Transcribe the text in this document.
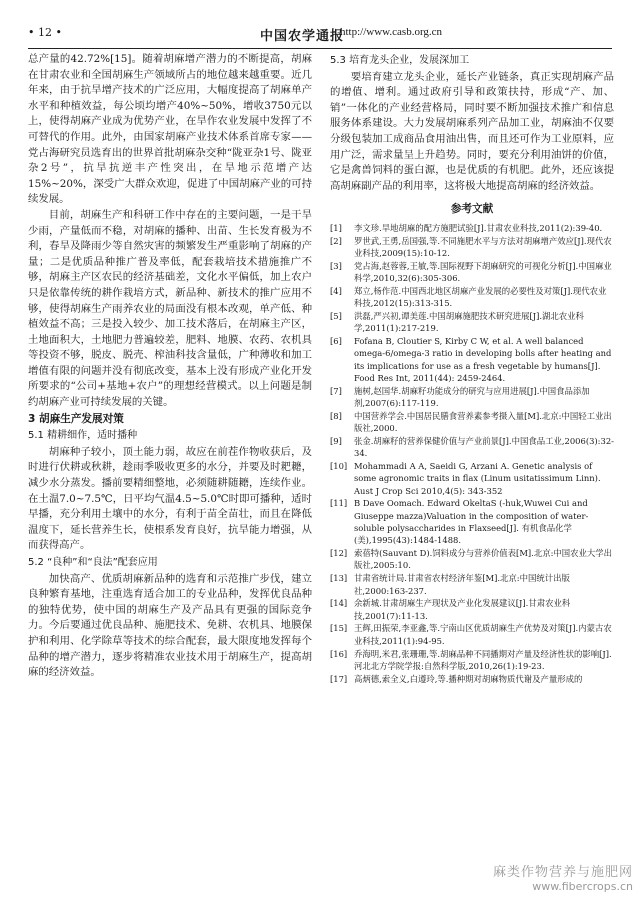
• 12 •	中国农学通报
http://www.casb.org.cn

总产量的42.72%[15]。随着胡麻增产潜力的不断提高，胡麻在甘肃农业和全国胡麻生产领域所占的地位越来越重要。近几年来，由于抗旱增产技术的广泛应用，大幅度提高了胡麻单产水平和种植效益，每公顷均增产40%~50%，增收3750元以上，使得胡麻产业成为优势产业，在旱作农业发展中发挥了不可替代的作用。此外，由国家胡麻产业技术体系首席专家——党占海研究员选育出的世界首批胡麻杂交种“陇亚杂1号、陇亚杂2号”，抗旱抗逆丰产性突出，在旱地示范增产达15%~20%，深受广大群众欢迎，促进了中国胡麻产业的可持续发展。

目前，胡麻生产和科研工作中存在的主要问题，一是干旱少雨，产量低而不稳，对胡麻的播种、出苗、生长发育极为不利，春旱及降雨少等自然灾害的频繁发生严重影响了胡麻的产量；二是优质品种推广普及率低，配套栽培技术措施推广不够，胡麻主产区农民的经济基础差，文化水平偏低，加上农户只是依靠传统的耕作栽培方式，新品种、新技术的推广应用不够，使得胡麻生产雨养农业的局面没有根本改观，单产低、种植效益不高；三是投入较少、加工技术落后，在胡麻主产区，土地面积大，土地肥力普遍较差，肥料、地膜、农药、农机具等投资不够，脱皮、脱壳、榨油科技含量低，广种薄收和加工增值有限的问题并没有彻底改变，基本上没有形成产业化开发所要求的“公司+基地+农户”的理想经营模式。以上问题是制约胡麻产业可持续发展的关键。

3 胡麻生产发展对策
5.1 精耕细作，适时播种

胡麻种子较小，顶土能力弱，故应在前茬作物收获后，及时进行伏耕或秋耕，趁雨季吸收更多的水分，并要及时耙耱，减少水分蒸发。播前要精细整地，必须随耕随耱，连续作业。在土温7.0~7.5℃，日平均气温4.5~5.0℃时即可播种，适时早播，充分利用土壤中的水分，有利于苗全苗壮，而且在降低温度下，延长营养生长，使根系发育良好，抗旱能力增强，从而获得高产。

5.2 “良种”和“良法”配套应用

加快高产、优质胡麻新品种的选育和示范推广步伐，建立良种繁育基地，注重选育适合加工的专业品种，发挥优良品种的独特优势，使中国的胡麻生产及产品具有更强的国际竞争力。今后要通过优良品种、施肥技术、免耕、农机具、地膜保护和利用、化学除草等技术的综合配套，最大限度地发挥每个品种的增产潜力，逐步将精准农业技术用于胡麻生产，提高胡麻的经济效益。

5.3 培育龙头企业，发展深加工

要培育建立龙头企业，延长产业链条，真正实现胡麻产品的增值、增利。通过政府引导和政策扶持，形成“产、加、销”一体化的产业经营格局，同时要不断加强技术推广和信息服务体系建设。大力发展胡麻系列产品加工业，胡麻油不仅要分级包装加工成商品食用油出售，而且还可作为工业原料，应用广泛，需求量呈上升趋势。同时，要充分利用油饼的价值，它是禽兽饲料的蛋白源，也是优质的有机肥。此外，还应该提高胡麻副产品的利用率，这将极大地提高胡麻的经济效益。

参考文献
[1] 李文珍.旱地胡麻的配方施肥试验[J].甘肃农业科技,2011(2):39-40.
[2] 罗世武,王勇,岳国强,等.不同施肥水平与方法对胡麻增产效应[J].现代农业科技,2009(15):10-12.
[3] 党占海,赵蓉蓉,王敏,等.国际视野下胡麻研究的可视化分析[J].中国麻业科学,2010,32(6):305-306.
[4] 郑立,杨作范.中国西北地区胡麻产业发展的必要性及对策[J].现代农业科技,2012(15):313-315.
[5] 洪磊,严兴初,谭美莲.中国胡麻施肥技术研究进展[J].湖北农业科学,2011(1):217-219.
[6] Fofana B, Cloutier S, Kirby C W, et al. A well balanced omega-6/omega-3 ratio in developing bolls after heating and its implications for use as a fresh vegetable by humans[J]. Food Res Int, 2011(44): 2459-2464.
[7] 施树,赵国华.胡麻籽功能成分的研究与应用进展[J].中国食品添加剂,2007(6):117-119.
[8] 中国营养学会.中国居民膳食营养素参考摄入量[M].北京:中国轻工业出版社,2000.
[9] 张金.胡麻籽的营养保健价值与产业前景[J].中国食品工业,2006(3):32-34.
[10] Mohammadi A A, Saeidi G, Arzani A. Genetic analysis of some agronomic traits in flax (Linum usitatissimum Linn). Aust J Crop Sci 2010,4(5): 343-352
[11] B Dave Oomach. Edward OkeltaS (-huk,Wuwei Cui and Giuseppe mazza)Valuation in the composition of water- soluble polysaccharides in Flaxseed[J]. 有机食品化学(美),1995(43):1484-1488.
[12] 索蓓特(Sauvant D).饲料成分与营养价值表[M].北京:中国农业大学出版社,2005:10.
[13] 甘肃省统计局.甘肃省农村经济年鉴[M].北京:中国统计出版社,2000:163-237.
[14] 余新城.甘肃胡麻生产现状及产业化发展建议[J].甘肃农业科技,2001(7):11-13.
[15] 王辉,田振荣,李亚鑫,等.宁南山区优质胡麻生产优势及对策[J].内蒙古农业科技,2011(1):94-95.
[16] 乔海明,米君,张珊珊,等.胡麻品种不同播期对产量及经济性状的影响[J].河北北方学院学报:自然科学版,2010,26(1):19-23.
[17] 高炳德,索全义,白遵玲,等.播种期对胡麻物质代谢及产量形成的
麻类作物营养与施肥网
www.fibercrops.cn
